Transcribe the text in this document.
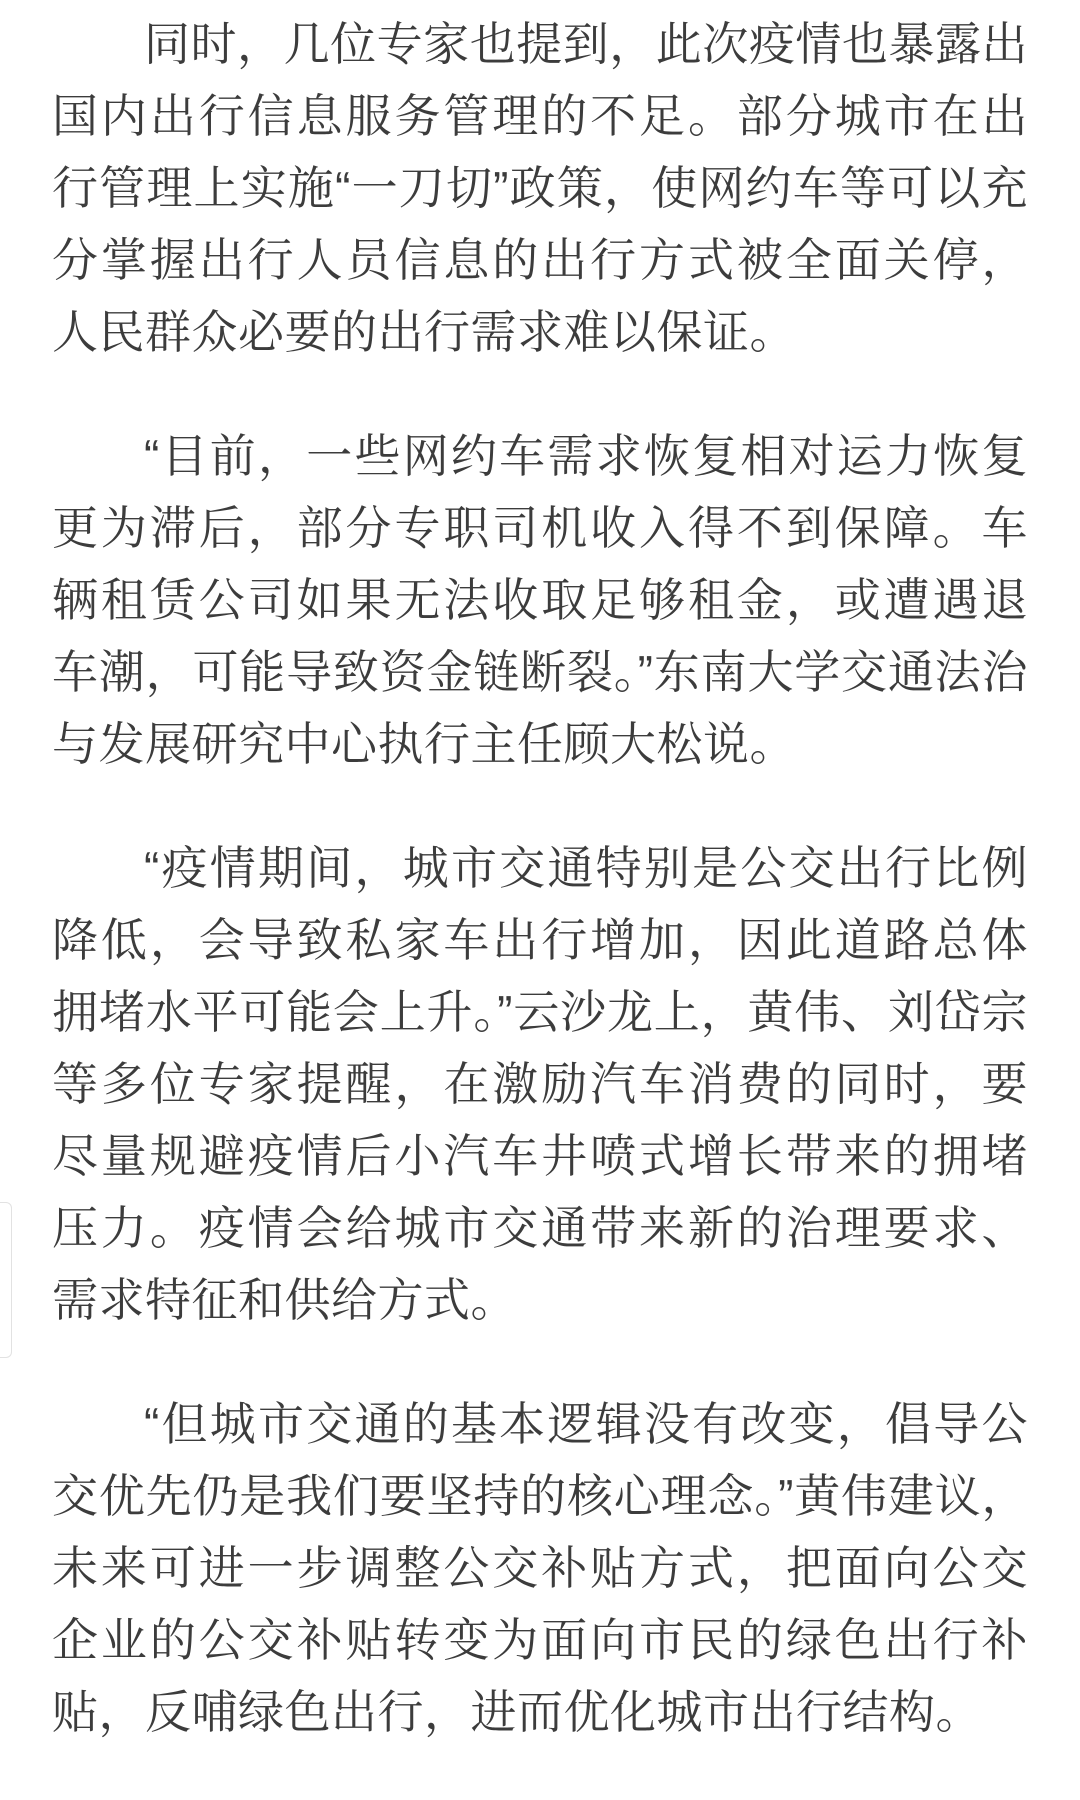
同时，几位专家也提到，此次疫情也暴露出国内出行信息服务管理的不足。部分城市在出行管理上实施“一刀切”政策，使网约车等可以充分掌握出行人员信息的出行方式被全面关停，人民群众必要的出行需求难以保证。

“目前，一些网约车需求恢复相对运力恢复更为滞后，部分专职司机收入得不到保障。车辆租赁公司如果无法收取足够租金，或遭遇退车潮，可能导致资金链断裂。”东南大学交通法治与发展研究中心执行主任顾大松说。

“疫情期间，城市交通特别是公交出行比例降低，会导致私家车出行增加，因此道路总体拥堵水平可能会上升。”云沙龙上，黄伟、刘岱宗等多位专家提醒，在激励汽车消费的同时，要尽量规避疫情后小汽车井喷式增长带来的拥堵压力。疫情会给城市交通带来新的治理要求、需求特征和供给方式。

“但城市交通的基本逻辑没有改变，倡导公交优先仍是我们要坚持的核心理念。”黄伟建议，未来可进一步调整公交补贴方式，把面向公交企业的公交补贴转变为面向市民的绿色出行补贴，反哺绿色出行，进而优化城市出行结构。
